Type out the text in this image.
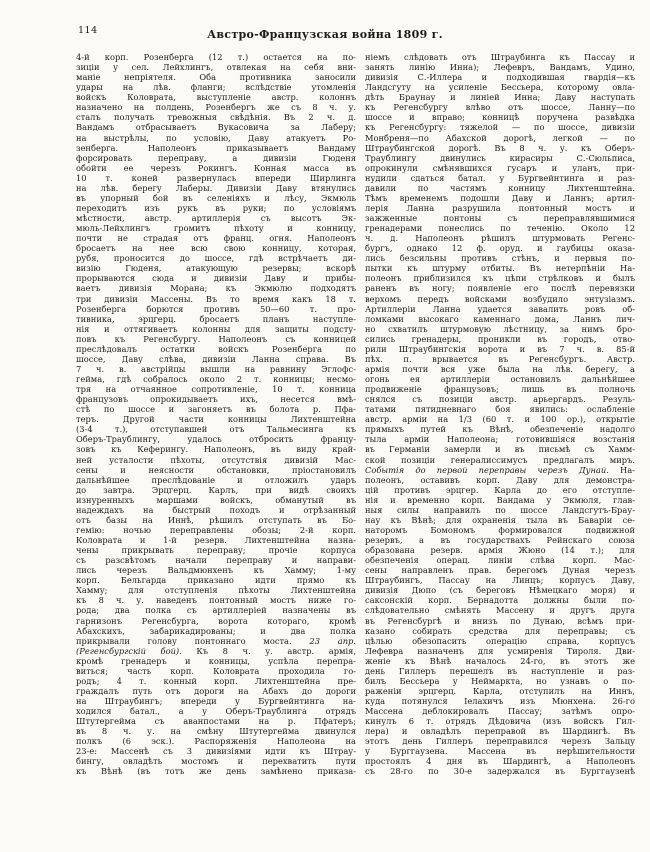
114	Австро-Французская война 1809 г.
4-й корп. Розенберга (12 т.) остается на по-
зиціи у сел. Лейхлингъ, отвлекая на себя вни-
маніе непріятеля. Оба противника заносили
удары на лѣв. фланги; вслѣдствіе утомленія
войскъ Коловрата, выступленіе австр. колоннъ
назначено на полдень, Розенбергъ же съ 8 ч. у.
сталъ получать тревожныя свѣдѣнія. Въ 2 ч. д.
Вандамъ отбрасываетъ Вукасовича за Лаберу;
на выстрѣлы, по условію, Даву атакуетъ Ро-
зенберга. Наполеонъ приказываетъ Вандаму
форсировать переправу, а дивизіи Гюденя
обойти ее черезъ Рокингъ. Конная масса въ
10 т. коней развернулась впереди Ширлинга
на лѣв. берегу Лаберы. Дивизіи Даву втянулись
въ упорный бой въ селеніяхъ и лѣсу, Экмюль
переходитъ изъ рукъ въ руки; по условіямъ
мѣстности, австр. артиллерія съ высотъ Эк-
мюль-Лейхлингъ громитъ пѣхоту и конницу,
почти не страдая отъ франц. огня. Наполеонъ
бросаетъ на нее всю свою конницу, которая,
рубя, проносится до шоссе, гдѣ встрѣчаетъ ди-
визію Гюденя, атакующую резервы; вскорѣ
прорываются сюда и дивизіи Даву и прибы-
ваетъ дивизія Морана; къ Экмюлю подходятъ
три дивизіи Массены. Въ то время какъ 18 т.
Розенберга борются противъ 50—60 т. про-
тивника, эрцгерц. бросаетъ планъ наступле-
нія и оттягиваетъ колонны для защиты подсту-
повъ къ Регенсбургу. Наполеонъ съ конницей
преслѣдовалъ остатки войскъ Розенберга по
шоссе, Даву слѣва, дивизіи Ланна справа. Въ
7 ч. в. австрійцы вышли на равнину Эглофс-
гейма, гдѣ собралось около 2 т. конницы; несмо-
тря на отчаянное сопротивленіе, 10 т. конница
французовъ опрокидываетъ ихъ, несется вмѣ-
стѣ по шоссе и загоняетъ въ болота р. Пфа-
теръ. Другой части конницы Лихтенштейна
(3-4 т.), отступавшей отъ Тальмесинга къ
Оберъ-Траублингу, удалось отбросить францу-
зовъ къ Кеферингу. Наполеонъ, въ виду край-
ней усталости пѣхоты, отсутствія дивизій Мас-
сены и неясности обстановки, пріостановилъ
дальнѣйшее преслѣдованіе и отложилъ ударъ
до завтра. Эрцгерц. Карлъ, при видѣ своихъ
изнуренныхъ маршами войскъ, обманутый въ
надеждахъ на быстрый походъ и отрѣзанный
отъ базы на Иннѣ, рѣшилъ отступать въ Бо-
гемію: ночью переправлены обозы; 2-й корп.
Коловрата и 1-й резерв. Лихтенштейна назна-
чены прикрывать переправу; прочіе корпуса
съ разсвѣтомъ начали переправу и направи-
лись черезъ Вальдмюнхенъ къ Хамму; 1-му
корп. Бельгарда приказано идти прямо къ
Хамму; для отступленія пѣхоты Лихтенштейна
къ 8 ч. у. наведенъ понтонный мостъ ниже го-
рода; два полка съ артиллеріей назначены въ
гарнизонъ Регенсбурга, ворота котораго, кромѣ
Абахскихъ, забарикадированы; и два полка
прикрывали голову понтоннаго моста. 23 апр.
(Регенсбургскій бой). Къ 8 ч. у. австр. армія,
кромѣ гренадеръ и конницы, успѣла перепра-
виться; часть корп. Коловрата проходила го-
родъ; 4 т. конный корп. Лихтенштейна пре-
граждалъ путь отъ дороги на Абахъ до дороги
на Штраубингъ; впереди у Бургвейнтинга на-
ходился батал., а у Оберъ-Траублинга отрядъ
Штутергейма съ аванпостами на р. Пфатеръ;
въ 8 ч. у. на смѣну Штутергейма двинулся
полкъ (6 эск.). Распоряженія Наполеона на
23-е: Массенѣ съ 3 дивизіями идти къ Штрау-
бингу, овладѣть мостомъ и перехватить пути
къ Вѣнѣ (въ тотъ же день замѣнено приказа-
ніемъ слѣдовать отъ Штраубинга къ Пассау и
занять линію Инна); Лефевръ, Вандамъ, Удино,
дивизія С.-Иллера и подходившая гвардія—къ
Ландсгуту на усиленіе Бессьера, которому овла-
дѣть Браунау и линіей Инна; Даву наступать
къ Регенсбургу влѣво отъ шоссе, Ланну—по
шоссе и вправо; конницѣ поручена развѣдка
къ Регенсбургу: тяжелой — по шоссе, дивизіи
Монбреня—по Абахской дорогѣ, легкой — по
Штраубингской дорогѣ. Въ 8 ч. у. къ Оберъ-
Траублингу двинулись кирасиры С.-Сюльписа,
опрокинули смѣнявшихся гусаръ и уланъ, при-
нудили сдаться батал. у Бургвейнтинга и раз-
давили по частямъ конницу Лихтенштейна.
Тѣмъ временемъ подошли Даву и Ланнъ; артил-
лерія Ланна разрушила понтонный мостъ и
зажженные понтоны съ переправлявшимися
гренадерами понеслись по теченію. Около 12
ч. д. Наполеонъ рѣшилъ штурмовать Регенс-
бургъ, однако 12 ф. оруд. и гаубицы оказа-
лись безсильны противъ стѣнъ, и первыя по-
пытки къ штурму отбиты. Въ нетерпѣніи На-
полеонъ приблизился къ цѣпи стрѣлковъ и былъ
раненъ въ ногу; появленіе его послѣ перевязки
верхомъ передъ войсками возбудило энтузіазмъ.
Артиллеріи Ланна удается завалить ровъ об-
ломками высокаго каменнаго дома, Ланнъ лич-
но схватилъ штурмовую лѣстницу, за нимъ бро-
сились гренадеры, проникли въ городъ, отво-
рили Штраубингскія ворота и въ 7 ч. в. 85-й
пѣх. п. врывается въ Регенсбургъ. Австр.
армія почти вся уже была на лѣв. берегу, а
огонь ея артиллеріи остановилъ дальнѣйшее
продвиженіе французовъ; лишь въ полночь
снялся съ позиціи австр. арьергардъ. Резуль-
татами пятидневнаго боя явились: ослабленіе
австр. арміи на 1/3 (60 т. и 100 ор.), открытіе
прямыхъ путей къ Вѣнѣ, обезпеченіе надолго
тыла арміи Наполеона; готовившіяся возстанія
въ Германіи замерли и въ письмѣ съ Хамм-
ской позиціи генералиссимусъ предлагалъ миръ.
Событія до первой переправы черезъ Дунай. На-
полеонъ, оставивъ корп. Даву для демонстра-
цій противъ эрцгер. Карла до его отступле-
нія и временно корп. Вандама у Экмюля, глав-
ныя силы направилъ по шоссе Ландсгутъ-Брау-
нау къ Вѣнѣ; для охраненія тыла въ Баваріи се-
наторомъ Бомономъ формировался подвижной
резервъ, а въ государствахъ Рейнскаго союза
образована резерв. армія Жюно (14 т.); для
обезпеченія операц. линіи слѣва корп. Мас-
сены направленъ прав. берегомъ Дуная черезъ
Штраубингъ, Пассау на Линцъ; корпусъ Даву,
дивизія Дюпо (съ береговъ Нѣмецкаго моря) и
саксонскій корп. Бернадотта должны были по-
слѣдовательно смѣнять Массену и другъ друга
въ Регенсбургѣ и внизъ по Дунаю, всѣмъ при-
казано собирать средства для переправы; съ
цѣлью обезопасить операцію справа, корпусъ
Лефевра назначенъ для усмиренія Тироля. Дви-
женіе къ Вѣнѣ началось 24-го, въ этотъ же
день Гиллеръ перешелъ въ наступленіе и раз-
билъ Бессьера у Неймаркта, но узнавъ о по-
раженіи эрцгерц. Карла, отступилъ на Иннъ,
куда потянулся Іелахичъ изъ Мюнхена. 26-го
Массена деблокировалъ Пассау; затѣмъ опро-
кинулъ 6 т. отрядъ Дѣдовича (изъ войскъ Гил-
лера) и овладѣлъ переправой въ Шардингѣ. Въ
этотъ день Гиллеръ переправился черезъ Зальцу
у Бурггаузена. Массена въ нерѣшительности
простоялъ 4 дня въ Шардингѣ, а Наполеонъ
съ 28-го по 30-е задержался въ Бурггаузенѣ
